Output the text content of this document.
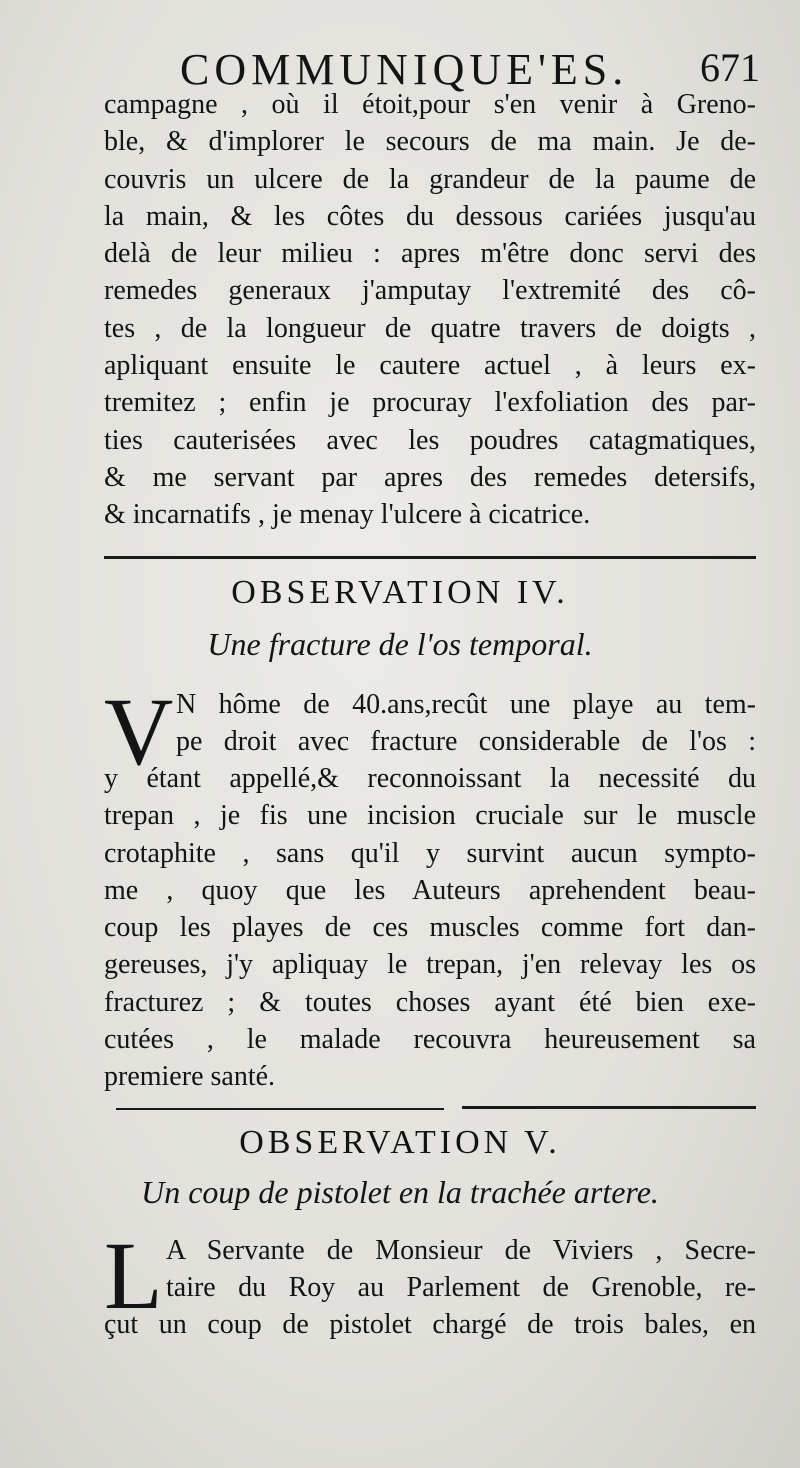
COMMUNIQUE'ES. 671
campagne , où il étoit,pour s'en venir à Greno-
ble, & d'implorer le secours de ma main. Je de-
couvris un ulcere de la grandeur de la paume de
la main, & les côtes du dessous cariées jusqu'au
delà de leur milieu : apres m'être donc servi des
remedes generaux j'amputay l'extremité des cô-
tes , de la longueur de quatre travers de doigts ,
apliquant ensuite le cautere actuel , à leurs ex-
tremitez ; enfin je procuray l'exfoliation des par-
ties cauterisées avec les poudres catagmatiques,
& me servant par apres des remedes detersifs,
& incarnatifs , je menay l'ulcere à cicatrice.
OBSERVATION IV.
Une fracture de l'os temporal.
V N hôme de 40.ans,recût une playe au tem-
pe droit avec fracture considerable de l'os :
y étant appellé,& reconnoissant la necessité du
trepan , je fis une incision cruciale sur le muscle
crotaphite , sans qu'il y survint aucun sympto-
me , quoy que les Auteurs aprehendent beau-
coup les playes de ces muscles comme fort dan-
gereuses, j'y apliquay le trepan, j'en relevay les os
fracturez ; & toutes choses ayant été bien exe-
cutées , le malade recouvra heureusement sa
premiere santé.
OBSERVATION V.
Un coup de pistolet en la trachée artere.
L A Servante de Monsieur de Viviers , Secre-
taire du Roy au Parlement de Grenoble, re-
çut un coup de pistolet chargé de trois bales, en
